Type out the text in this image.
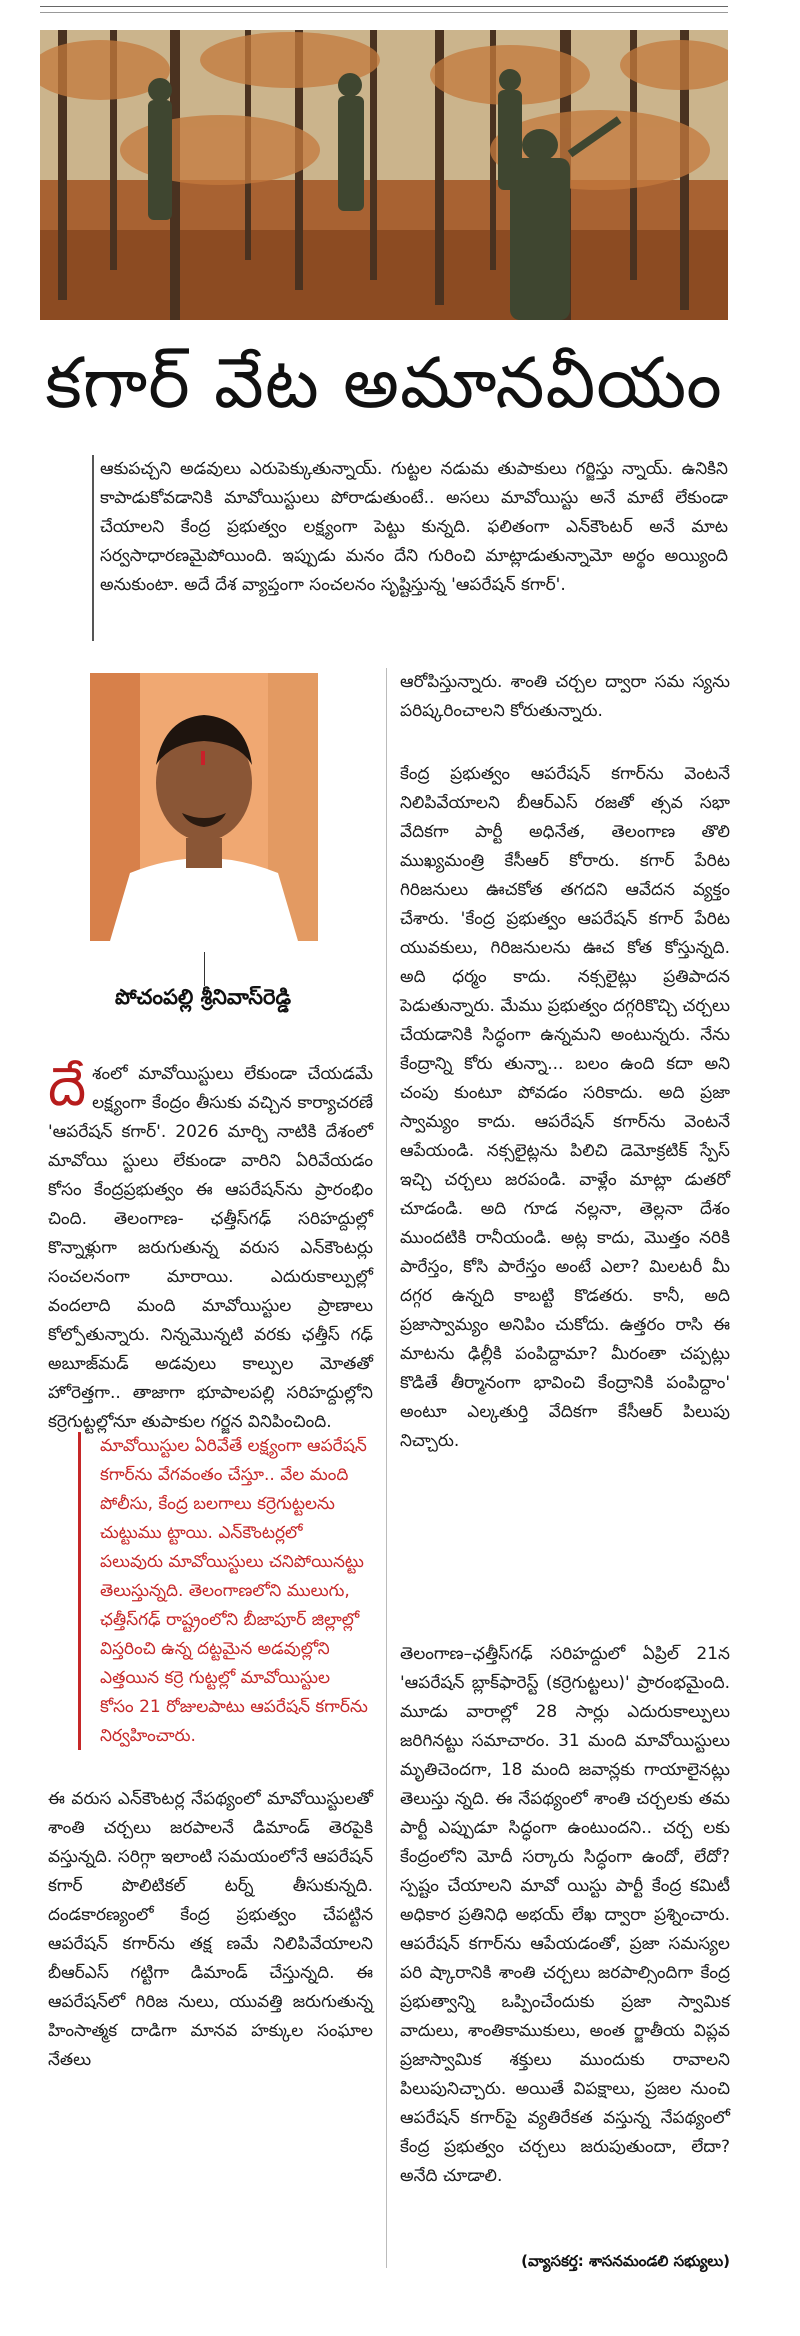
కగార్ వేట అమానవీయం
ఆకుపచ్చని అడవులు ఎరుపెక్కుతున్నాయ్. గుట్టల నడుమ తుపాకులు గర్జిస్తు న్నాయ్. ఉనికిని కాపాడుకోవడానికి మావోయిస్టులు పోరాడుతుంటే.. అసలు మావోయిస్టు అనే మాటే లేకుండా చేయాలని కేంద్ర ప్రభుత్వం లక్ష్యంగా పెట్టు కున్నది. ఫలితంగా ఎన్‌కౌంటర్ అనే మాట సర్వసాధారణమైపోయింది. ఇప్పుడు మనం దేని గురించి మాట్లాడుతున్నామో అర్థం అయ్యింది అనుకుంటా. అదే దేశ వ్యాప్తంగా సంచలనం సృష్టిస్తున్న 'ఆపరేషన్ కగార్'.
పోచంపల్లి శ్రీనివాస్‌రెడ్డి
దేశంలో మావోయిస్టులు లేకుండా చేయడమే లక్ష్యంగా కేంద్రం తీసుకు వచ్చిన కార్యాచరణే 'ఆపరేషన్ కగార్'. 2026 మార్చి నాటికి దేశంలో మావోయి స్టులు లేకుండా వారిని ఏరివేయడం కోసం కేంద్రప్రభుత్వం ఈ ఆపరేషన్‌ను ప్రారంభిం చింది. తెలంగాణ- ఛత్తీస్‌గఢ్ సరిహద్దుల్లో కొన్నాళ్లుగా జరుగుతున్న వరుస ఎన్‌కౌంటర్లు సంచలనంగా మారాయి. ఎదురుకాల్పుల్లో వందలాది మంది మావోయిస్టుల ప్రాణాలు కోల్పోతున్నారు. నిన్నమొన్నటి వరకు ఛత్తీస్ గఢ్ అబూజ్‌మడ్ అడవులు కాల్పుల మోతతో హోరెత్తగా.. తాజాగా భూపాలపల్లి సరిహద్దుల్లోని కర్రెగుట్టల్లోనూ తుపాకుల గర్జన వినిపించింది.
మావోయిస్టుల ఏరివేతే లక్ష్యంగా ఆపరేషన్ కగార్‌ను వేగవంతం చేస్తూ.. వేల మంది పోలీసు, కేంద్ర బలగాలు కర్రెగుట్టలను చుట్టుము ట్టాయి. ఎన్‌కౌంటర్లలో పలువురు మావోయిస్టులు చనిపోయినట్టు తెలుస్తున్నది. తెలంగాణలోని ములుగు, ఛత్తీస్‌గఢ్ రాష్ట్రంలోని బీజాపూర్ జిల్లాల్లో విస్తరించి ఉన్న దట్టమైన అడవుల్లోని ఎత్తయిన కర్రె గుట్టల్లో మావోయిస్టుల కోసం 21 రోజులపాటు ఆపరేషన్ కగార్‌ను నిర్వహించారు.
ఈ వరుస ఎన్‌కౌంటర్ల నేపథ్యంలో మావోయిస్టులతో శాంతి చర్చలు జరపాలనే డిమాండ్ తెరపైకి వస్తున్నది. సరిగ్గా ఇలాంటి సమయంలోనే ఆపరేషన్ కగార్ పొలిటికల్ టర్న్ తీసుకున్నది. దండకారణ్యంలో కేంద్ర ప్రభుత్వం చేపట్టిన ఆపరేషన్ కగార్‌ను తక్ష ణమే నిలిపివేయాలని బీఆర్‌ఎస్ గట్టిగా డిమాండ్ చేస్తున్నది. ఈ ఆపరేషన్‌లో గిరిజ నులు, యువత్తి జరుగుతున్న హింసాత్మక దాడిగా మానవ హక్కుల సంఘాల నేతలు
ఆరోపిస్తున్నారు. శాంతి చర్చల ద్వారా సమ స్యను పరిష్కరించాలని కోరుతున్నారు.
కేంద్ర ప్రభుత్వం ఆపరేషన్ కగార్‌ను వెంటనే నిలిపివేయాలని బీఆర్‌ఎస్ రజతో త్సవ సభా వేదికగా పార్టీ అధినేత, తెలంగాణ తొలి ముఖ్యమంత్రి కేసీఆర్ కోరారు. కగార్ పేరిట గిరిజనులు ఊచకోత తగదని ఆవేదన వ్యక్తం చేశారు. 'కేంద్ర ప్రభుత్వం ఆపరేషన్ కగార్ పేరిట యువకులు, గిరిజనులను ఊచ కోత కోస్తున్నది. అది ధర్మం కాదు. నక్సలైట్లు ప్రతిపాదన పెడుతున్నారు. మేము ప్రభుత్వం దగ్గరికొచ్చి చర్చలు చేయడానికి సిద్ధంగా ఉన్నమని అంటున్నరు. నేను కేంద్రాన్ని కోరు తున్నా... బలం ఉంది కదా అని చంపు కుంటూ పోవడం సరికాదు. అది ప్రజా స్వామ్యం కాదు. ఆపరేషన్ కగార్‌ను వెంటనే ఆపేయండి. నక్సలైట్లను పిలిచి డెమోక్రటిక్ స్పేస్ ఇచ్చి చర్చలు జరపండి. వాళ్లేం మాట్లా డుతరో చూడండి. అది గూడ నల్లనా, తెల్లనా దేశం ముందటికి రానీయండి. అట్ల కాదు, మొత్తం నరికి పారేస్తం, కోసి పారేస్తం అంటే ఎలా? మిలటరీ మీ దగ్గర ఉన్నది కాబట్టి కొడతరు. కానీ, అది ప్రజాస్వామ్యం అనిపిం చుకోదు. ఉత్తరం రాసి ఈ మాటను ఢిల్లీకి పంపిద్దామా? మీరంతా చప్పట్లు కొడితే తీర్మానంగా భావించి కేంద్రానికి పంపిద్దాం' అంటూ ఎల్కతుర్తి వేదికగా కేసీఆర్ పిలుపు నిచ్చారు.
తెలంగాణ–ఛత్తీస్‌గఢ్ సరిహద్దులో ఏప్రిల్ 21న 'ఆపరేషన్ బ్లాక్‌ఫారెస్ట్ (కర్రెగుట్టలు)' ప్రారంభమైంది. మూడు వారాల్లో 28 సార్లు ఎదురుకాల్పులు జరిగినట్టు సమాచారం. 31 మంది మావోయిస్టులు మృతిచెందగా, 18 మంది జవాన్లకు గాయాలైనట్లు తెలుస్తు న్నది. ఈ నేపథ్యంలో శాంతి చర్చలకు తమ పార్టీ ఎప్పుడూ సిద్ధంగా ఉంటుందని.. చర్చ లకు కేంద్రంలోని మోదీ సర్కారు సిద్ధంగా ఉందో, లేదో? స్పష్టం చేయాలని మావో యిస్టు పార్టీ కేంద్ర కమిటీ అధికార ప్రతినిధి అభయ్ లేఖ ద్వారా ప్రశ్నించారు. ఆపరేషన్ కగార్‌ను ఆపేయడంతో, ప్రజా సమస్యల పరి ష్కారానికి శాంతి చర్చలు జరపాల్సిందిగా కేంద్ర ప్రభుత్వాన్ని ఒప్పించేందుకు ప్రజా స్వామిక వాదులు, శాంతికాముకులు, అంత ర్జాతీయ విప్లవ ప్రజాస్వామిక శక్తులు ముందుకు రావాలని పిలుపునిచ్చారు. అయితే విపక్షాలు, ప్రజల నుంచి ఆపరేషన్ కగార్‌పై వ్యతిరేకత వస్తున్న నేపథ్యంలో కేంద్ర ప్రభుత్వం చర్చలు జరుపుతుందా, లేదా? అనేది చూడాలి.
(వ్యాసకర్త: శాసనమండలి సభ్యులు)
